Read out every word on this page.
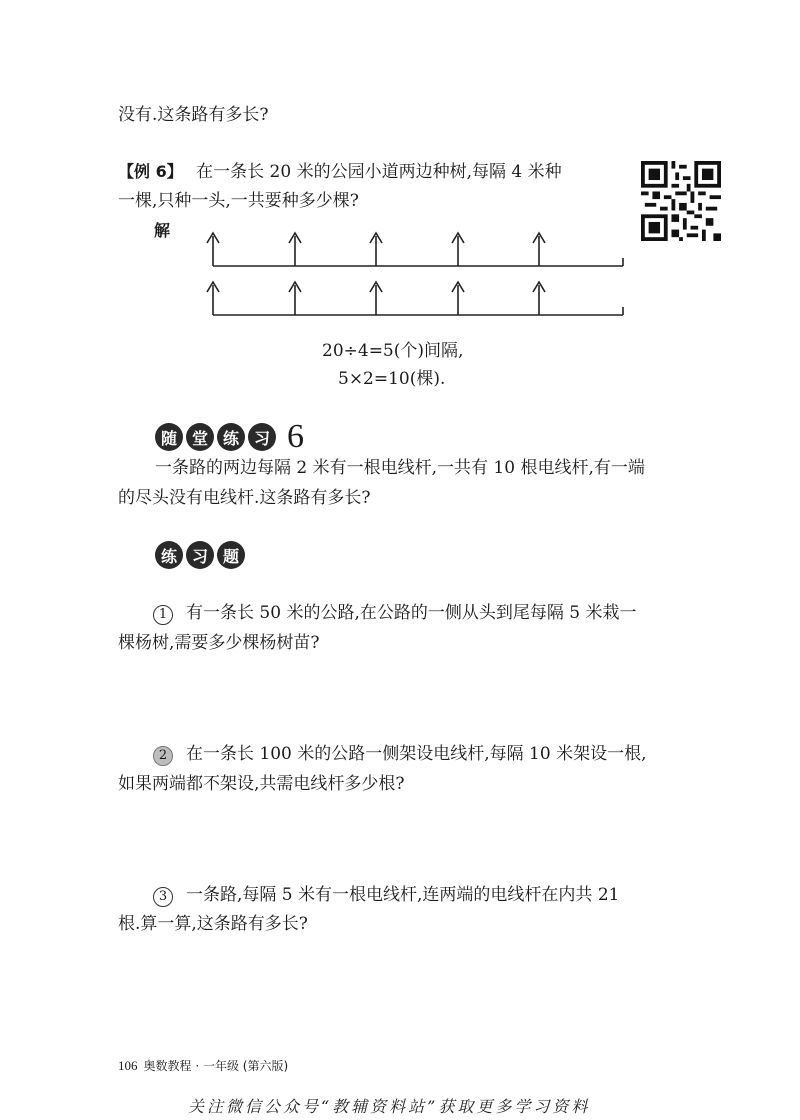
没有.这条路有多长?
【例 6】 在一条长 20 米的公园小道两边种树,每隔 4 米种
一棵,只种一头,一共要种多少棵?
解
20÷4=5(个)间隔,
5×2=10(棵).
随 堂 练 习 6
一条路的两边每隔 2 米有一根电线杆,一共有 10 根电线杆,有一端
的尽头没有电线杆.这条路有多长?
练 习 题
1 有一条长 50 米的公路,在公路的一侧从头到尾每隔 5 米栽一
棵杨树,需要多少棵杨树苗?
2 在一条长 100 米的公路一侧架设电线杆,每隔 10 米架设一根,
如果两端都不架设,共需电线杆多少根?
3 一条路,每隔 5 米有一根电线杆,连两端的电线杆在内共 21
根.算一算,这条路有多长?
106 奥数教程 · 一年级 (第六版)
关注微信公众号“教辅资料站”获取更多学习资料
